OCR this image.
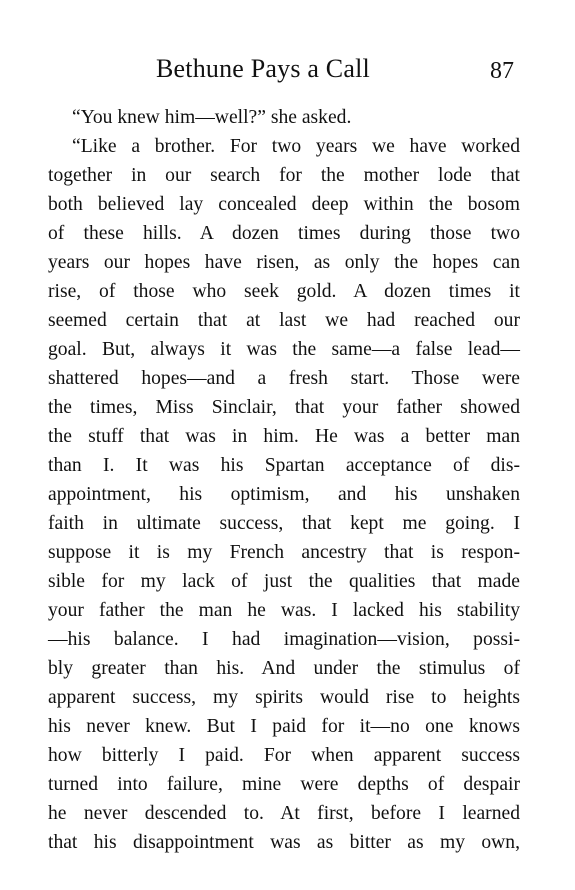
Bethune Pays a Call	87
“You knew him—well?” she asked.
“Like a brother. For two years we have worked
together in our search for the mother lode that
both believed lay concealed deep within the bosom
of these hills. A dozen times during those two
years our hopes have risen, as only the hopes can
rise, of those who seek gold. A dozen times it
seemed certain that at last we had reached our
goal. But, always it was the same—a false lead—
shattered hopes—and a fresh start. Those were
the times, Miss Sinclair, that your father showed
the stuff that was in him. He was a better man
than I. It was his Spartan acceptance of dis-
appointment, his optimism, and his unshaken
faith in ultimate success, that kept me going. I
suppose it is my French ancestry that is respon-
sible for my lack of just the qualities that made
your father the man he was. I lacked his stability
—his balance. I had imagination—vision, possi-
bly greater than his. And under the stimulus of
apparent success, my spirits would rise to heights
his never knew. But I paid for it—no one knows
how bitterly I paid. For when apparent success
turned into failure, mine were depths of despair
he never descended to. At first, before I learned
that his disappointment was as bitter as my own,
